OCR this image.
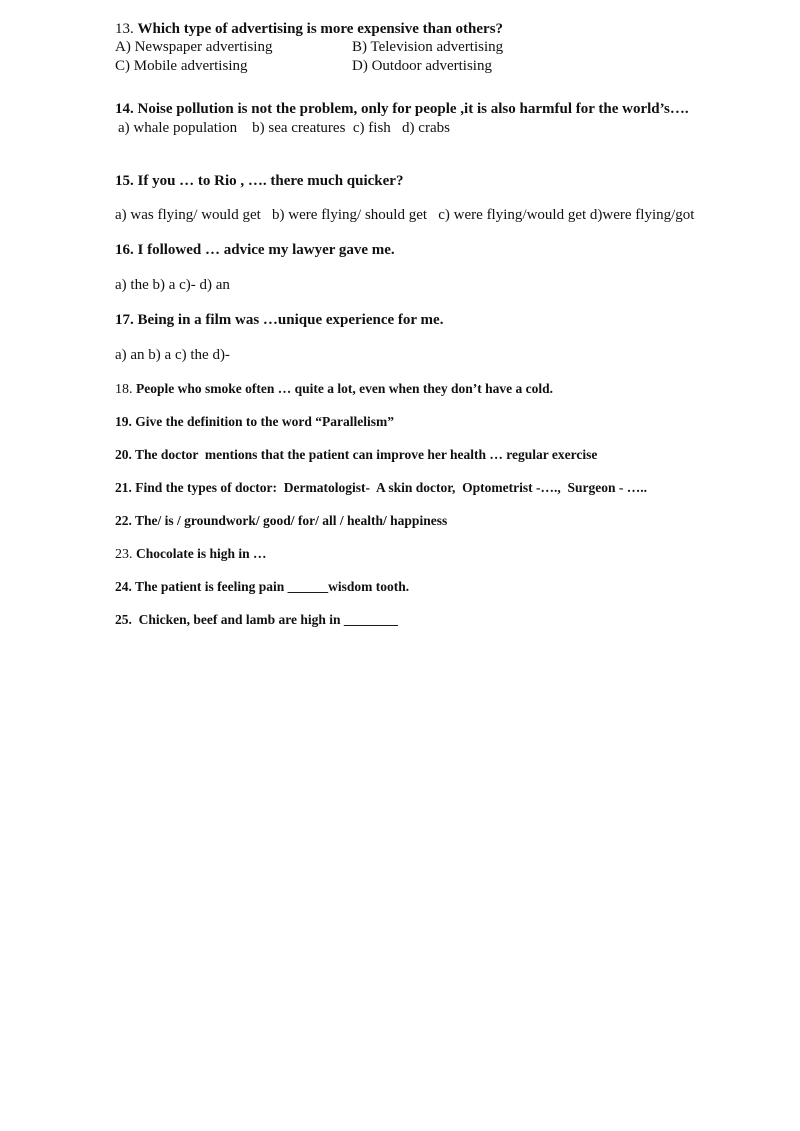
13. Which type of advertising is more expensive than others?
A) Newspaper advertising	B) Television advertising
C) Mobile advertising	D) Outdoor advertising
14. Noise pollution is not the problem, only for people ,it is also harmful for the world’s….
a) whale population    b) sea creatures  c) fish   d) crabs
15. If you … to Rio , …. there much quicker?
a) was flying/ would get   b) were flying/ should get   c) were flying/would get d)were flying/got
16. I followed … advice my lawyer gave me.
a) the b) a c)- d) an
17. Being in a film was …unique experience for me.
a) an b) a c) the d)-
18. People who smoke often … quite a lot, even when they don’t have a cold.
19. Give the definition to the word “Parallelism”
20. The doctor  mentions that the patient can improve her health … regular exercise
21. Find the types of doctor:  Dermatologist-  A skin doctor,  Optometrist -….,  Surgeon - …..
22. The/ is / groundwork/ good/ for/ all / health/ happiness
23. Chocolate is high in …
24. The patient is feeling pain ______wisdom tooth.
25.  Chicken, beef and lamb are high in ________
